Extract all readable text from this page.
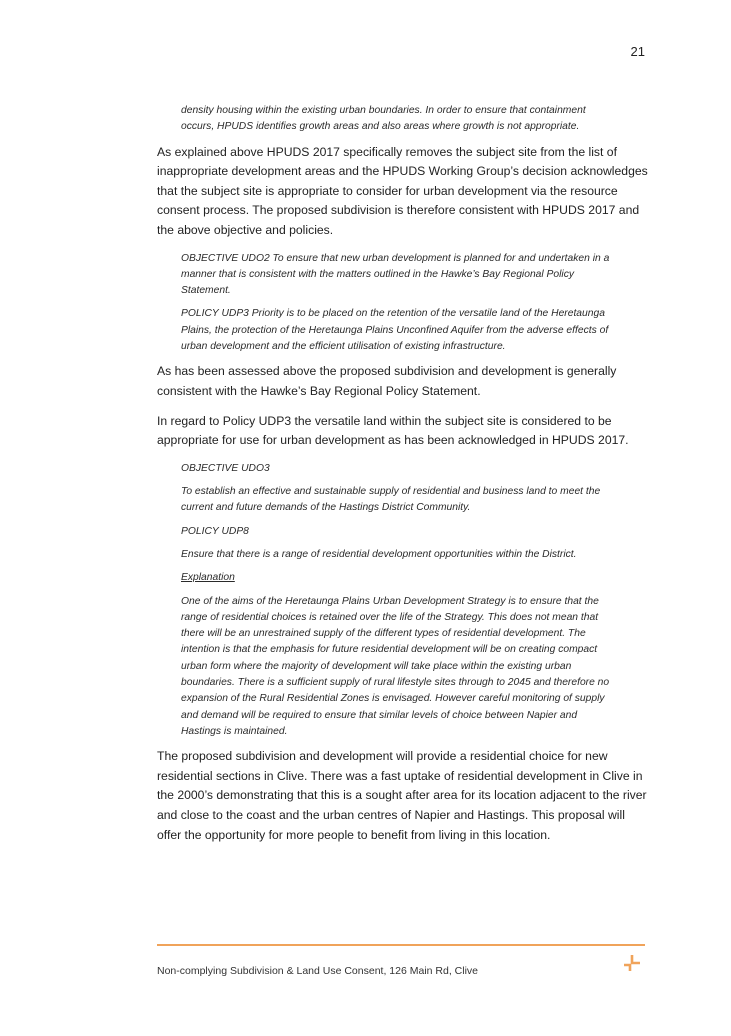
21

density housing within the existing urban boundaries. In order to ensure that containment occurs, HPUDS identifies growth areas and also areas where growth is not appropriate.

As explained above HPUDS 2017 specifically removes the subject site from the list of inappropriate development areas and the HPUDS Working Group’s decision acknowledges that the subject site is appropriate to consider for urban development via the resource consent process. The proposed subdivision is therefore consistent with HPUDS 2017 and the above objective and policies.

OBJECTIVE UDO2 To ensure that new urban development is planned for and undertaken in a manner that is consistent with the matters outlined in the Hawke’s Bay Regional Policy Statement.

POLICY UDP3 Priority is to be placed on the retention of the versatile land of the Heretaunga Plains, the protection of the Heretaunga Plains Unconfined Aquifer from the adverse effects of urban development and the efficient utilisation of existing infrastructure.

As has been assessed above the proposed subdivision and development is generally consistent with the Hawke’s Bay Regional Policy Statement.

In regard to Policy UDP3 the versatile land within the subject site is considered to be appropriate for use for urban development as has been acknowledged in HPUDS 2017.

OBJECTIVE UDO3

To establish an effective and sustainable supply of residential and business land to meet the current and future demands of the Hastings District Community.

POLICY UDP8

Ensure that there is a range of residential development opportunities within the District.

Explanation

One of the aims of the Heretaunga Plains Urban Development Strategy is to ensure that the range of residential choices is retained over the life of the Strategy. This does not mean that there will be an unrestrained supply of the different types of residential development. The intention is that the emphasis for future residential development will be on creating compact urban form where the majority of development will take place within the existing urban boundaries. There is a sufficient supply of rural lifestyle sites through to 2045 and therefore no expansion of the Rural Residential Zones is envisaged. However careful monitoring of supply and demand will be required to ensure that similar levels of choice between Napier and Hastings is maintained.

The proposed subdivision and development will provide a residential choice for new residential sections in Clive. There was a fast uptake of residential development in Clive in the 2000’s demonstrating that this is a sought after area for its location adjacent to the river and close to the coast and the urban centres of Napier and Hastings. This proposal will offer the opportunity for more people to benefit from living in this location.

Non-complying Subdivision & Land Use Consent, 126 Main Rd, Clive
